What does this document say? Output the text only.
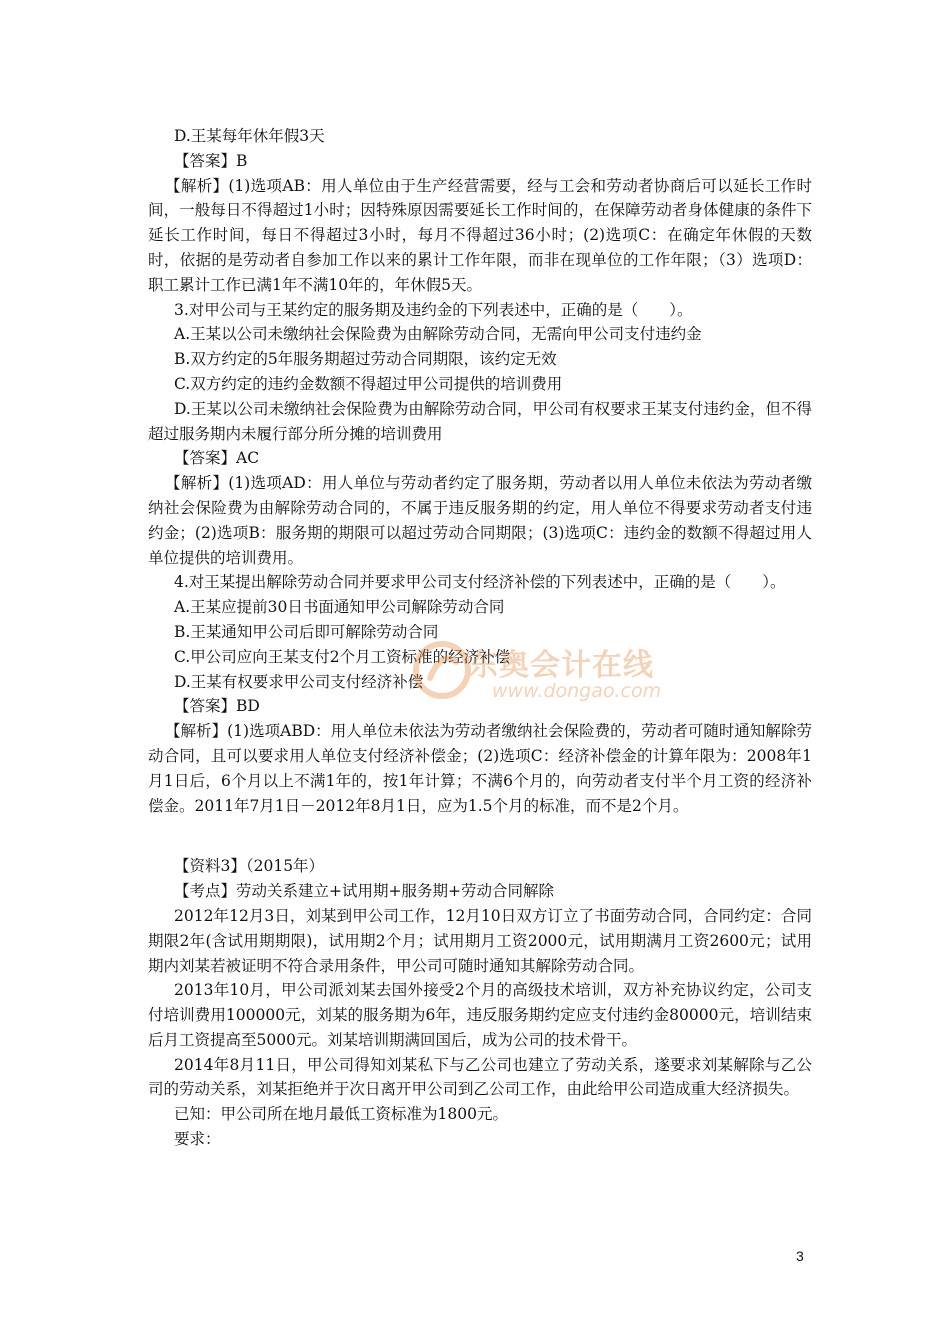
D.王某每年休年假3天
【答案】B
【解析】(1)选项AB：用人单位由于生产经营需要，经与工会和劳动者协商后可以延长工作时间，一般每日不得超过1小时；因特殊原因需要延长工作时间的，在保障劳动者身体健康的条件下延长工作时间，每日不得超过3小时，每月不得超过36小时；(2)选项C：在确定年休假的天数时，依据的是劳动者自参加工作以来的累计工作年限，而非在现单位的工作年限；（3）选项D：职工累计工作已满1年不满10年的，年休假5天。
3.对甲公司与王某约定的服务期及违约金的下列表述中，正确的是（　　）。
A.王某以公司未缴纳社会保险费为由解除劳动合同，无需向甲公司支付违约金
B.双方约定的5年服务期超过劳动合同期限，该约定无效
C.双方约定的违约金数额不得超过甲公司提供的培训费用
D.王某以公司未缴纳社会保险费为由解除劳动合同，甲公司有权要求王某支付违约金，但不得超过服务期内未履行部分所分摊的培训费用
【答案】AC
【解析】(1)选项AD：用人单位与劳动者约定了服务期，劳动者以用人单位未依法为劳动者缴纳社会保险费为由解除劳动合同的，不属于违反服务期的约定，用人单位不得要求劳动者支付违约金；(2)选项B：服务期的期限可以超过劳动合同期限；(3)选项C：违约金的数额不得超过用人单位提供的培训费用。
4.对王某提出解除劳动合同并要求甲公司支付经济补偿的下列表述中，正确的是（　　）。
A.王某应提前30日书面通知甲公司解除劳动合同
B.王某通知甲公司后即可解除劳动合同
C.甲公司应向王某支付2个月工资标准的经济补偿
D.王某有权要求甲公司支付经济补偿
【答案】BD
【解析】(1)选项ABD：用人单位未依法为劳动者缴纳社会保险费的，劳动者可随时通知解除劳动合同，且可以要求用人单位支付经济补偿金；(2)选项C：经济补偿金的计算年限为：2008年1月1日后，6个月以上不满1年的，按1年计算；不满6个月的，向劳动者支付半个月工资的经济补偿金。2011年7月1日－2012年8月1日，应为1.5个月的标准，而不是2个月。
【资料3】（2015年）
【考点】劳动关系建立+试用期+服务期+劳动合同解除
2012年12月3日，刘某到甲公司工作，12月10日双方订立了书面劳动合同，合同约定：合同期限2年(含试用期期限)，试用期2个月；试用期月工资2000元，试用期满月工资2600元；试用期内刘某若被证明不符合录用条件，甲公司可随时通知其解除劳动合同。
2013年10月，甲公司派刘某去国外接受2个月的高级技术培训，双方补充协议约定，公司支付培训费用100000元，刘某的服务期为6年，违反服务期约定应支付违约金80000元，培训结束后月工资提高至5000元。刘某培训期满回国后，成为公司的技术骨干。
2014年8月11日，甲公司得知刘某私下与乙公司也建立了劳动关系，遂要求刘某解除与乙公司的劳动关系，刘某拒绝并于次日离开甲公司到乙公司工作，由此给甲公司造成重大经济损失。
已知：甲公司所在地月最低工资标准为1800元。
要求：
东奥会计在线
www.dongao.com
3
